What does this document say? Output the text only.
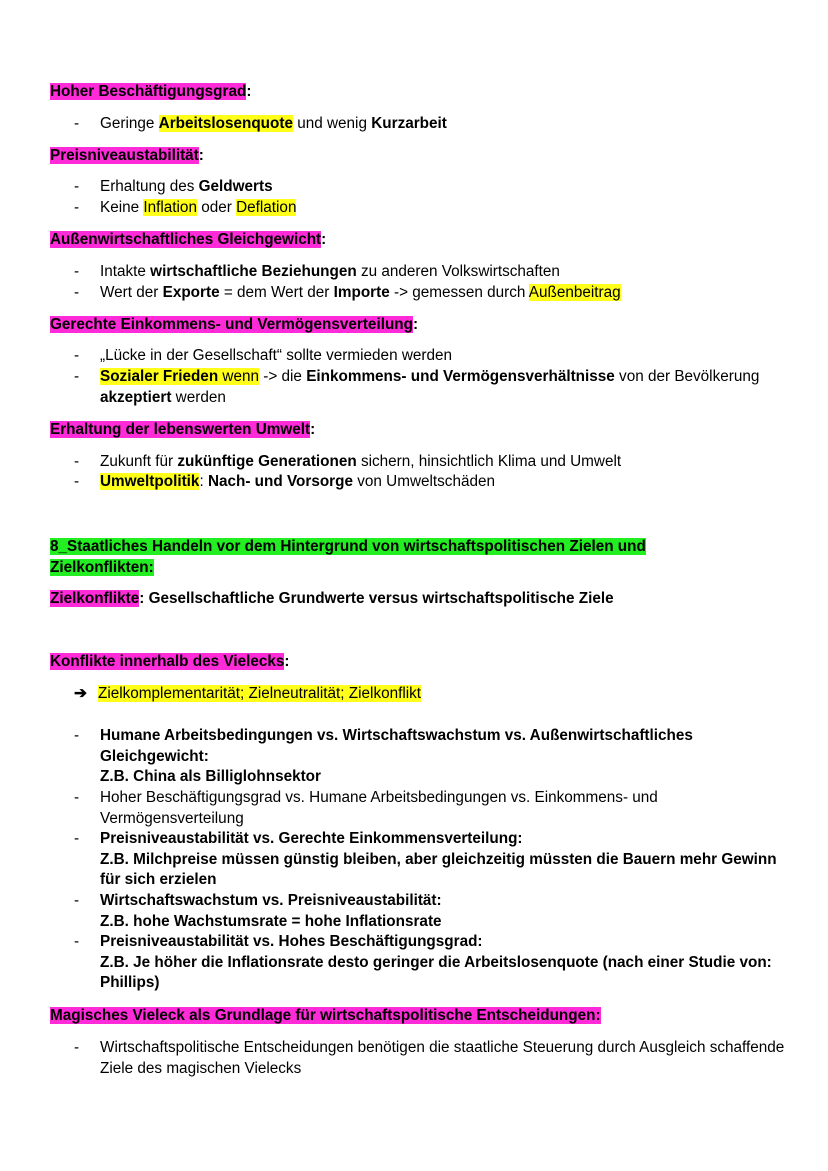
Hoher Beschäftigungsgrad:
- Geringe Arbeitslosenquote und wenig Kurzarbeit
Preisniveaustabilität:
- Erhaltung des Geldwerts
- Keine Inflation oder Deflation
Außenwirtschaftliches Gleichgewicht:
- Intakte wirtschaftliche Beziehungen zu anderen Volkswirtschaften
- Wert der Exporte = dem Wert der Importe -> gemessen durch Außenbeitrag
Gerechte Einkommens- und Vermögensverteilung:
- „Lücke in der Gesellschaft“ sollte vermieden werden
- Sozialer Frieden wenn -> die Einkommens- und Vermögensverhältnisse von der Bevölkerung akzeptiert werden
Erhaltung der lebenswerten Umwelt:
- Zukunft für zukünftige Generationen sichern, hinsichtlich Klima und Umwelt
- Umweltpolitik: Nach- und Vorsorge von Umweltschäden
8_Staatliches Handeln vor dem Hintergrund von wirtschaftspolitischen Zielen und Zielkonflikten:
Zielkonflikte: Gesellschaftliche Grundwerte versus wirtschaftspolitische Ziele
Konflikte innerhalb des Vielecks:
➔ Zielkomplementarität; Zielneutralität; Zielkonflikt
- Humane Arbeitsbedingungen vs. Wirtschaftswachstum vs. Außenwirtschaftliches Gleichgewicht:
Z.B. China als Billiglohnsektor
- Hoher Beschäftigungsgrad vs. Humane Arbeitsbedingungen vs. Einkommens- und Vermögensverteilung
- Preisniveaustabilität vs. Gerechte Einkommensverteilung:
Z.B. Milchpreise müssen günstig bleiben, aber gleichzeitig müssten die Bauern mehr Gewinn für sich erzielen
- Wirtschaftswachstum vs. Preisniveaustabilität:
Z.B. hohe Wachstumsrate = hohe Inflationsrate
- Preisniveaustabilität vs. Hohes Beschäftigungsgrad:
Z.B. Je höher die Inflationsrate desto geringer die Arbeitslosenquote (nach einer Studie von: Phillips)
Magisches Vieleck als Grundlage für wirtschaftspolitische Entscheidungen:
- Wirtschaftspolitische Entscheidungen benötigen die staatliche Steuerung durch Ausgleich schaffende Ziele des magischen Vielecks
